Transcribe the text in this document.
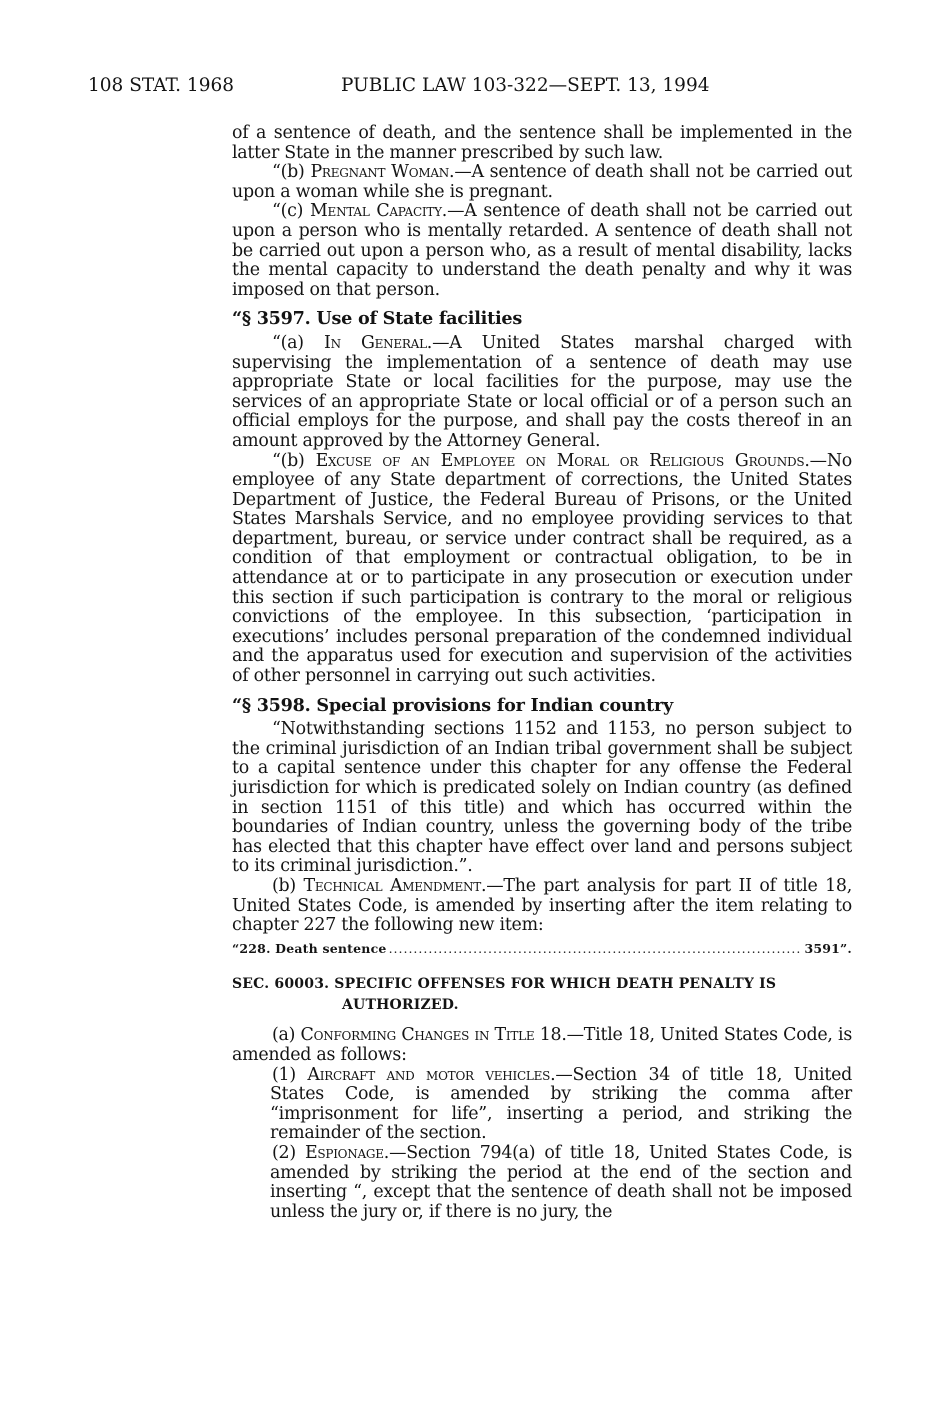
108 STAT. 1968	PUBLIC LAW 103-322—SEPT. 13, 1994

of a sentence of death, and the sentence shall be implemented in the latter State in the manner prescribed by such law.

“(b) Pregnant Woman.—A sentence of death shall not be carried out upon a woman while she is pregnant.

“(c) Mental Capacity.—A sentence of death shall not be carried out upon a person who is mentally retarded. A sentence of death shall not be carried out upon a person who, as a result of mental disability, lacks the mental capacity to understand the death penalty and why it was imposed on that person.

“§ 3597. Use of State facilities

“(a) In General.—A United States marshal charged with supervising the implementation of a sentence of death may use appropriate State or local facilities for the purpose, may use the services of an appropriate State or local official or of a person such an official employs for the purpose, and shall pay the costs thereof in an amount approved by the Attorney General.

“(b) Excuse of an Employee on Moral or Religious Grounds.—No employee of any State department of corrections, the United States Department of Justice, the Federal Bureau of Prisons, or the United States Marshals Service, and no employee providing services to that department, bureau, or service under contract shall be required, as a condition of that employment or contractual obligation, to be in attendance at or to participate in any prosecution or execution under this section if such participation is contrary to the moral or religious convictions of the employee. In this subsection, ‘participation in executions’ includes personal preparation of the condemned individual and the apparatus used for execution and supervision of the activities of other personnel in carrying out such activities.

“§ 3598. Special provisions for Indian country

“Notwithstanding sections 1152 and 1153, no person subject to the criminal jurisdiction of an Indian tribal government shall be subject to a capital sentence under this chapter for any offense the Federal jurisdiction for which is predicated solely on Indian country (as defined in section 1151 of this title) and which has occurred within the boundaries of Indian country, unless the governing body of the tribe has elected that this chapter have effect over land and persons subject to its criminal jurisdiction.”.

(b) Technical Amendment.—The part analysis for part II of title 18, United States Code, is amended by inserting after the item relating to chapter 227 the following new item:

“228. Death sentence .....	3591”.
SEC. 60003. SPECIFIC OFFENSES FOR WHICH DEATH PENALTY IS
AUTHORIZED.

(a) Conforming Changes in Title 18.—Title 18, United States Code, is amended as follows:

(1) Aircraft and motor vehicles.—Section 34 of title 18, United States Code, is amended by striking the comma after “imprisonment for life”, inserting a period, and striking the remainder of the section.

(2) Espionage.—Section 794(a) of title 18, United States Code, is amended by striking the period at the end of the section and inserting “, except that the sentence of death shall not be imposed unless the jury or, if there is no jury, the
